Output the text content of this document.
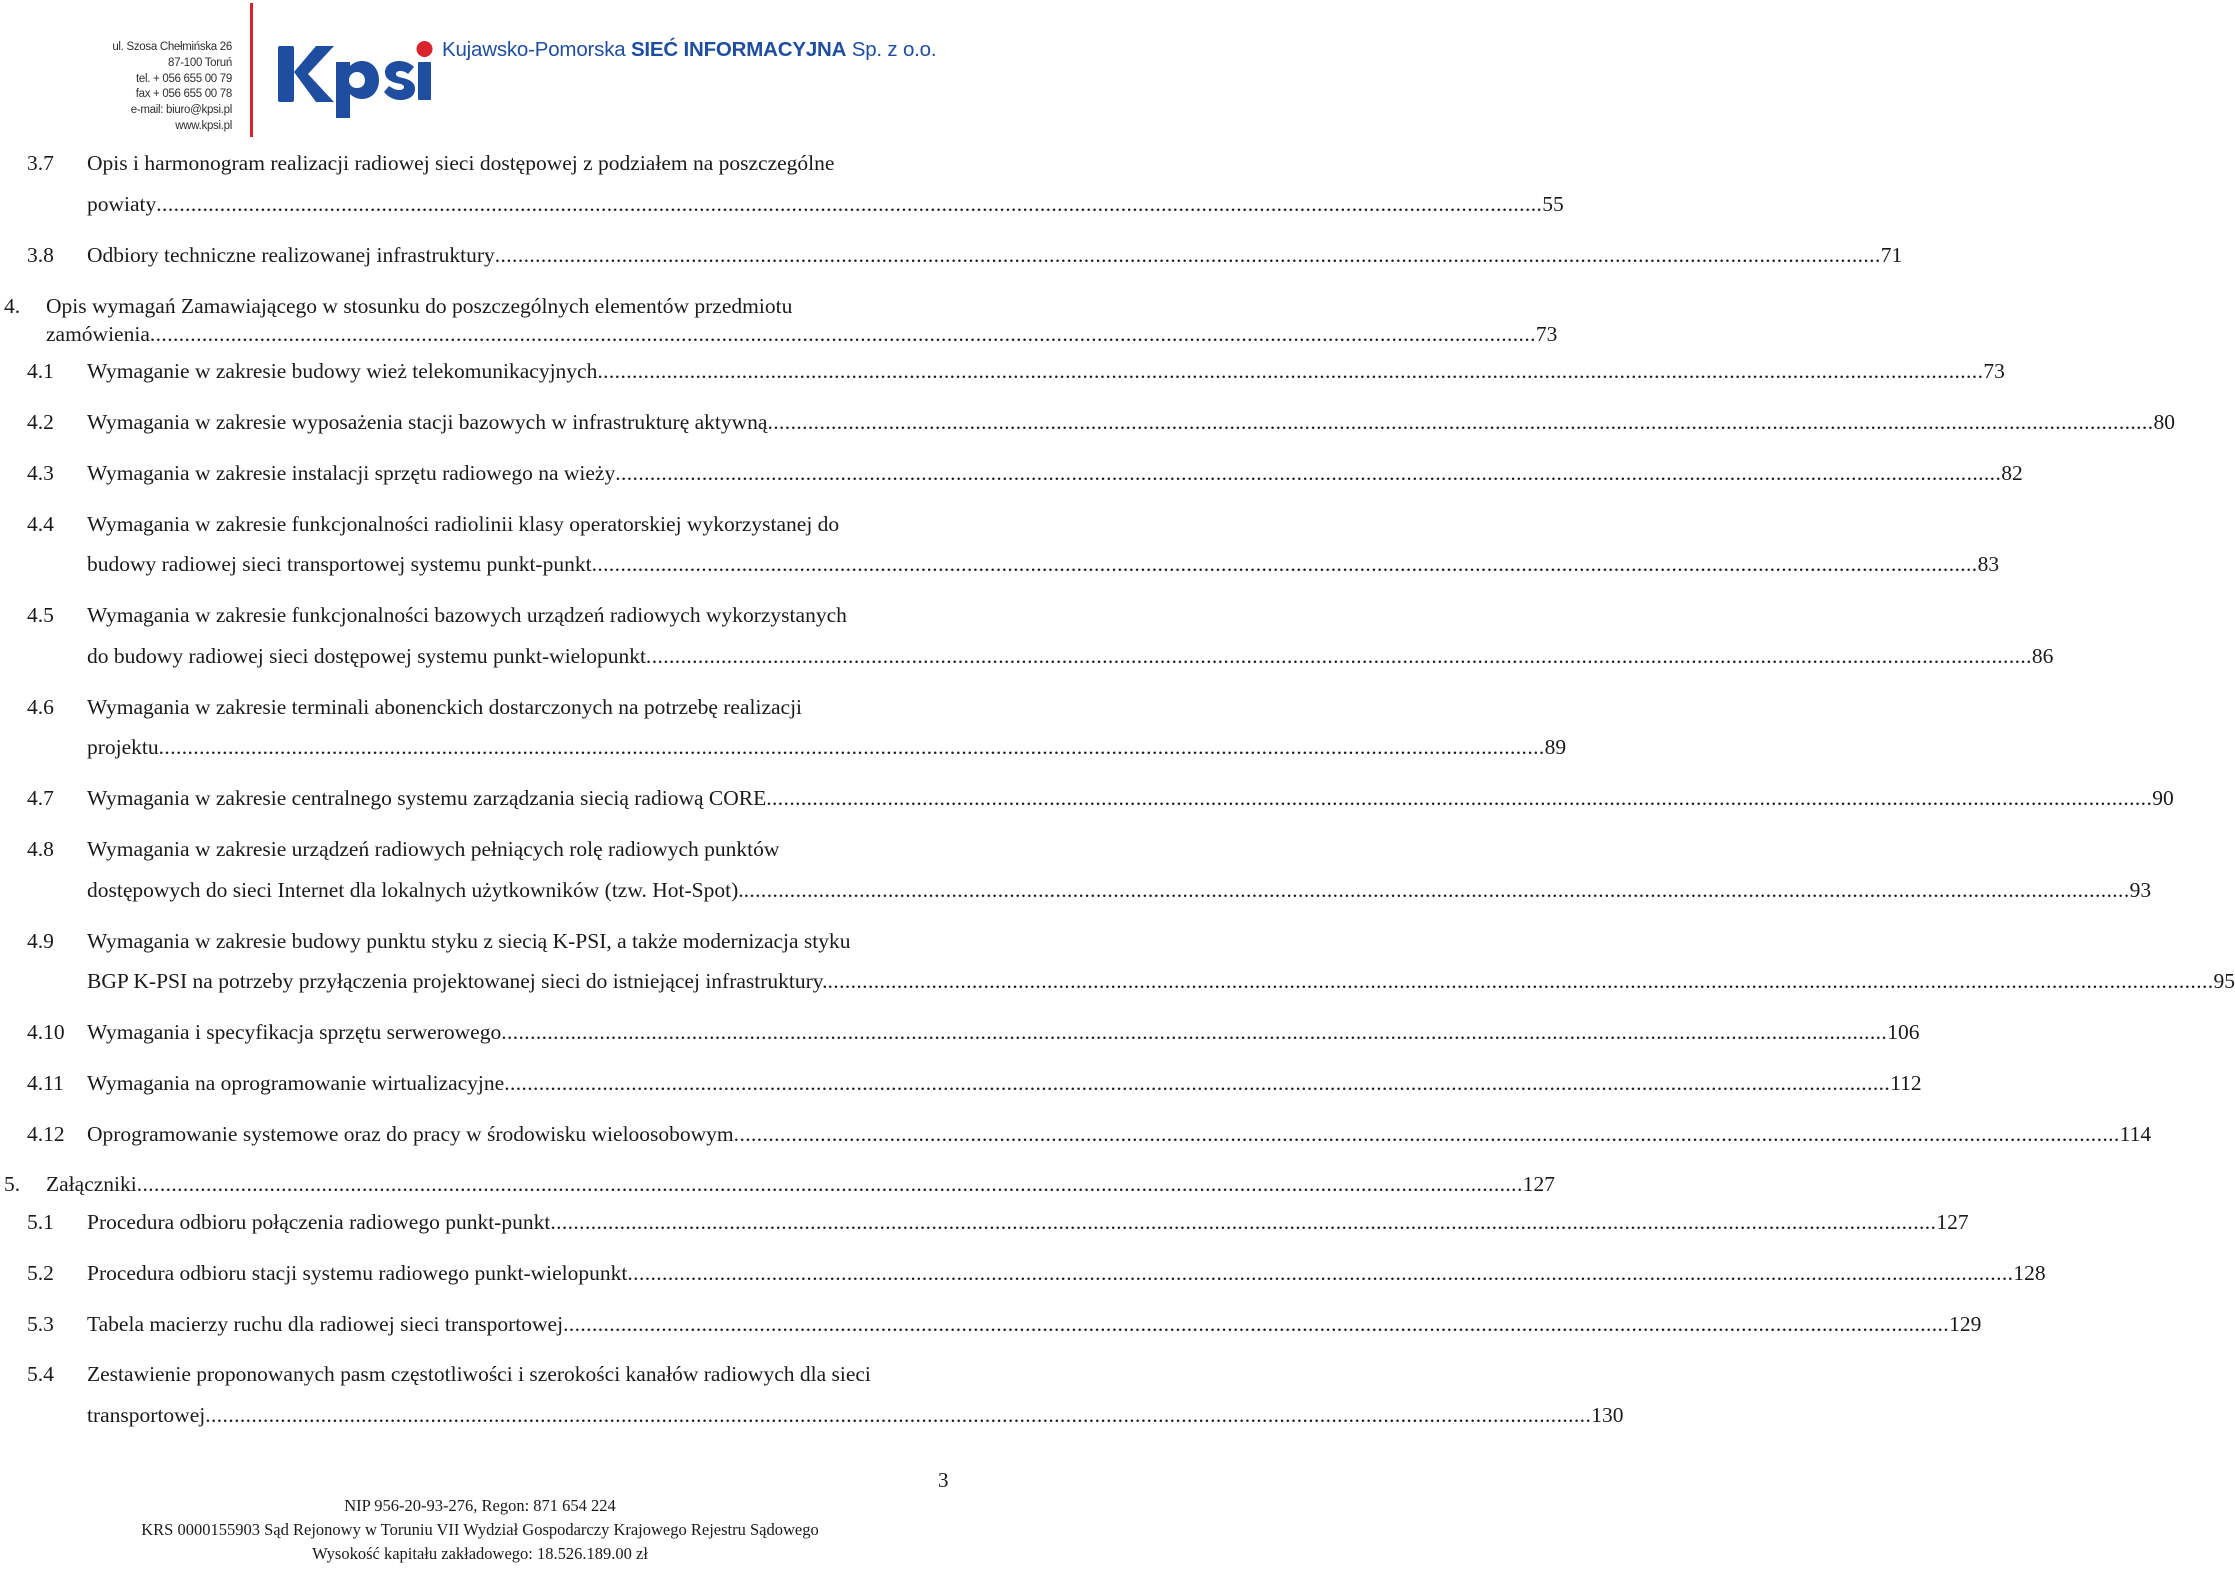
ul. Szosa Chełmińska 26
87-100 Toruń
tel. + 056 655 00 79
fax + 056 655 00 78
e-mail: biuro@kpsi.pl
www.kpsi.pl
Kujawsko-Pomorska SIEĆ INFORMACYJNA Sp. z o.o.
3.7 Opis i harmonogram realizacji radiowej sieci dostępowej z podziałem na poszczególne
powiaty ................................................................................................................................................................................................................................................ 55
3.8 Odbiory techniczne realizowanej infrastruktury ................................................................................................................................................................................................................................................ 71
4. Opis wymagań Zamawiającego w stosunku do poszczególnych elementów przedmiotu
zamówienia ................................................................................................................................................................................................................................................ 73
4.1 Wymaganie w zakresie budowy wież telekomunikacyjnych ................................................................................................................................................................................................................................................ 73
4.2 Wymagania w zakresie wyposażenia stacji bazowych w infrastrukturę aktywną ................................................................................................................................................................................................................................................ 80
4.3 Wymagania w zakresie instalacji sprzętu radiowego na wieży ................................................................................................................................................................................................................................................ 82
4.4 Wymagania w zakresie funkcjonalności radiolinii klasy operatorskiej wykorzystanej do
budowy radiowej sieci transportowej systemu punkt-punkt ................................................................................................................................................................................................................................................ 83
4.5 Wymagania w zakresie funkcjonalności bazowych urządzeń radiowych wykorzystanych
do budowy radiowej sieci dostępowej systemu punkt-wielopunkt ................................................................................................................................................................................................................................................ 86
4.6 Wymagania w zakresie terminali abonenckich dostarczonych na potrzebę realizacji
projektu ................................................................................................................................................................................................................................................ 89
4.7 Wymagania w zakresie centralnego systemu zarządzania siecią radiową CORE ................................................................................................................................................................................................................................................ 90
4.8 Wymagania w zakresie urządzeń radiowych pełniących rolę radiowych punktów
dostępowych do sieci Internet dla lokalnych użytkowników (tzw. Hot-Spot). ................................................................................................................................................................................................................................................ 93
4.9 Wymagania w zakresie budowy punktu styku z siecią K-PSI, a także modernizacja styku
BGP K-PSI na potrzeby przyłączenia projektowanej sieci do istniejącej infrastruktury. ................................................................................................................................................................................................................................................ 95
4.10 Wymagania i specyfikacja sprzętu serwerowego ................................................................................................................................................................................................................................................ 106
4.11 Wymagania na oprogramowanie wirtualizacyjne ................................................................................................................................................................................................................................................ 112
4.12 Oprogramowanie systemowe oraz do pracy w środowisku wieloosobowym ................................................................................................................................................................................................................................................ 114
5. Załączniki ................................................................................................................................................................................................................................................ 127
5.1 Procedura odbioru połączenia radiowego punkt-punkt ................................................................................................................................................................................................................................................ 127
5.2 Procedura odbioru stacji systemu radiowego punkt-wielopunkt ................................................................................................................................................................................................................................................ 128
5.3 Tabela macierzy ruchu dla radiowej sieci transportowej ................................................................................................................................................................................................................................................ 129
5.4 Zestawienie proponowanych pasm częstotliwości i szerokości kanałów radiowych dla sieci
transportowej ................................................................................................................................................................................................................................................ 130
3
NIP 956-20-93-276, Regon: 871 654 224
KRS 0000155903 Sąd Rejonowy w Toruniu VII Wydział Gospodarczy Krajowego Rejestru Sądowego
Wysokość kapitału zakładowego: 18.526.189.00 zł
